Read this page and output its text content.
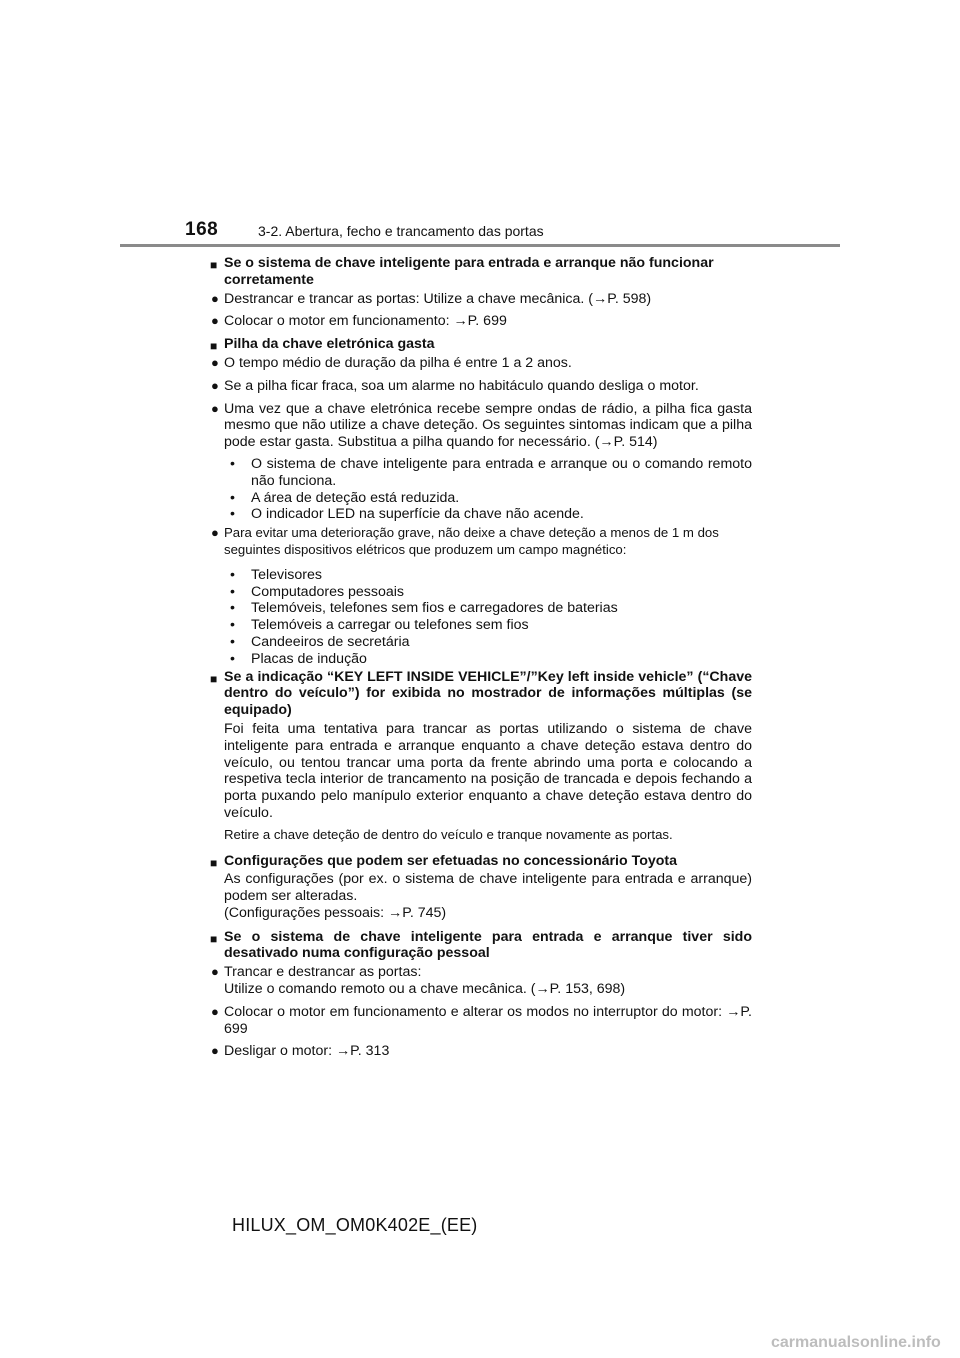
168	3-2. Abertura, fecho e trancamento das portas
■ Se o sistema de chave inteligente para entrada e arranque não funcionar corretamente
● Destrancar e trancar as portas: Utilize a chave mecânica. (→P. 598)
● Colocar o motor em funcionamento: →P. 699
■ Pilha da chave eletrónica gasta
● O tempo médio de duração da pilha é entre 1 a 2 anos.
● Se a pilha ficar fraca, soa um alarme no habitáculo quando desliga o motor.
● Uma vez que a chave eletrónica recebe sempre ondas de rádio, a pilha fica gasta mesmo que não utilize a chave deteção. Os seguintes sintomas indicam que a pilha pode estar gasta. Substitua a pilha quando for necessário. (→P. 514)
• O sistema de chave inteligente para entrada e arranque ou o comando remoto não funciona.
• A área de deteção está reduzida.
• O indicador LED na superfície da chave não acende.
● Para evitar uma deterioração grave, não deixe a chave deteção a menos de 1 m dos seguintes dispositivos elétricos que produzem um campo magnético:
• Televisores
• Computadores pessoais
• Telemóveis, telefones sem fios e carregadores de baterias
• Telemóveis a carregar ou telefones sem fios
• Candeeiros de secretária
• Placas de indução
■ Se a indicação “KEY LEFT INSIDE VEHICLE”/”Key left inside vehicle” (“Chave dentro do veículo”) for exibida no mostrador de informações múltiplas (se equipado)
Foi feita uma tentativa para trancar as portas utilizando o sistema de chave inteligente para entrada e arranque enquanto a chave deteção estava dentro do veículo, ou tentou trancar uma porta da frente abrindo uma porta e colocando a respetiva tecla interior de trancamento na posição de trancada e depois fechando a porta puxando pelo manípulo exterior enquanto a chave deteção estava dentro do veículo.
Retire a chave deteção de dentro do veículo e tranque novamente as portas.
■ Configurações que podem ser efetuadas no concessionário Toyota
As configurações (por ex. o sistema de chave inteligente para entrada e arranque) podem ser alteradas.
(Configurações pessoais: →P. 745)
■ Se o sistema de chave inteligente para entrada e arranque tiver sido desativado numa configuração pessoal
● Trancar e destrancar as portas:
Utilize o comando remoto ou a chave mecânica. (→P. 153, 698)
● Colocar o motor em funcionamento e alterar os modos no interruptor do motor: →P. 699
● Desligar o motor: →P. 313
HILUX_OM_OM0K402E_(EE)
carmanualsonline.info
